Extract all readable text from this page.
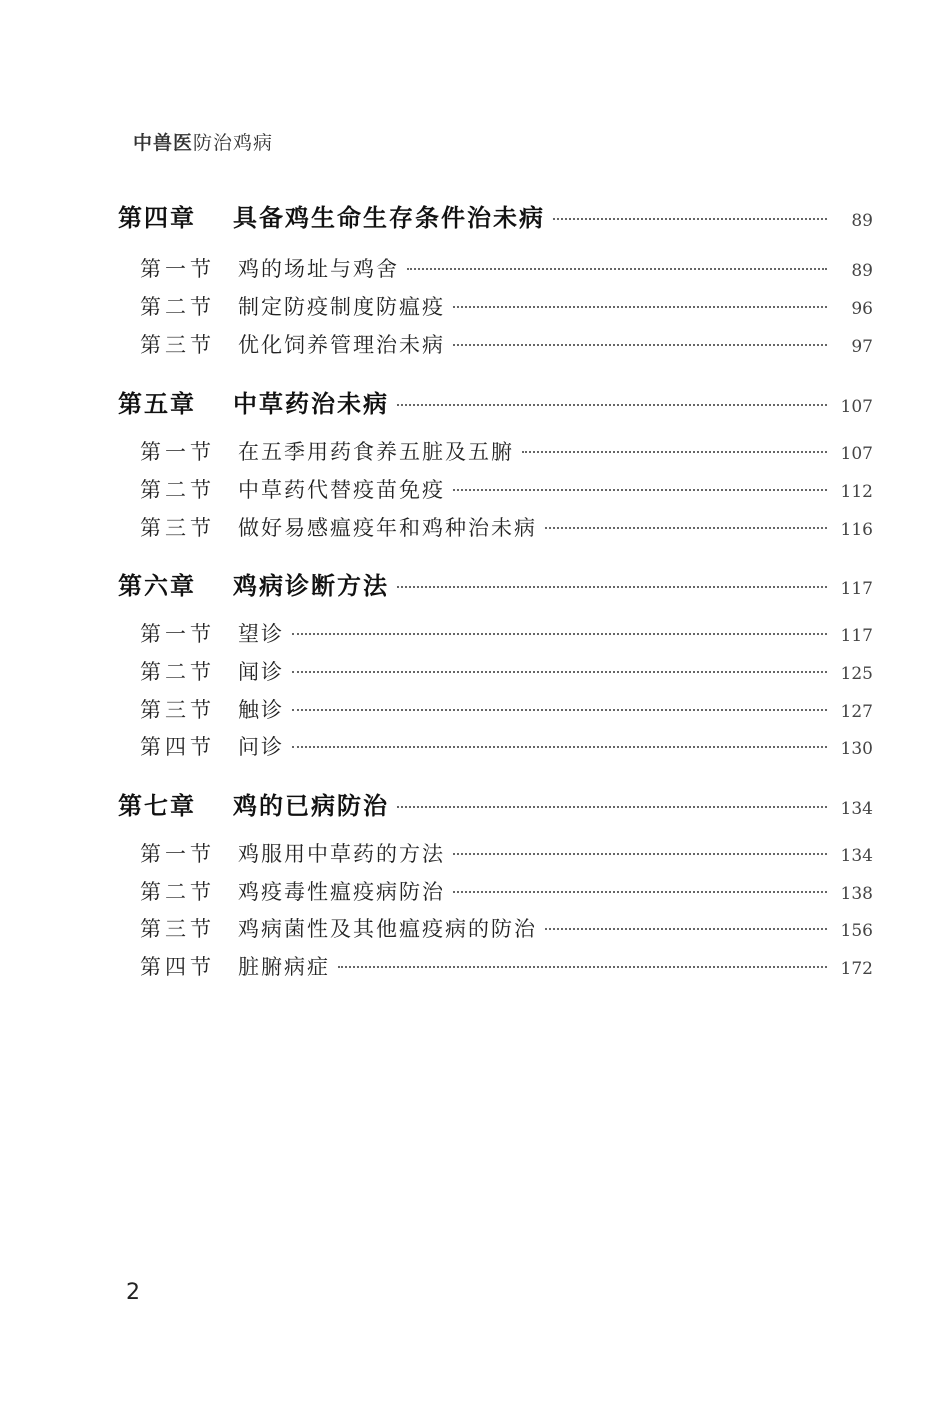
中兽医防治鸡病
第四章	具备鸡生命生存条件治未病	89
第一节	鸡的场址与鸡舍	89
第二节	制定防疫制度防瘟疫	96
第三节	优化饲养管理治未病	97
第五章	中草药治未病	107
第一节	在五季用药食养五脏及五腑	107
第二节	中草药代替疫苗免疫	112
第三节	做好易感瘟疫年和鸡种治未病	116
第六章	鸡病诊断方法	117
第一节	望诊	117
第二节	闻诊	125
第三节	触诊	127
第四节	问诊	130
第七章	鸡的已病防治	134
第一节	鸡服用中草药的方法	134
第二节	鸡疫毒性瘟疫病防治	138
第三节	鸡病菌性及其他瘟疫病的防治	156
第四节	脏腑病症	172
2
